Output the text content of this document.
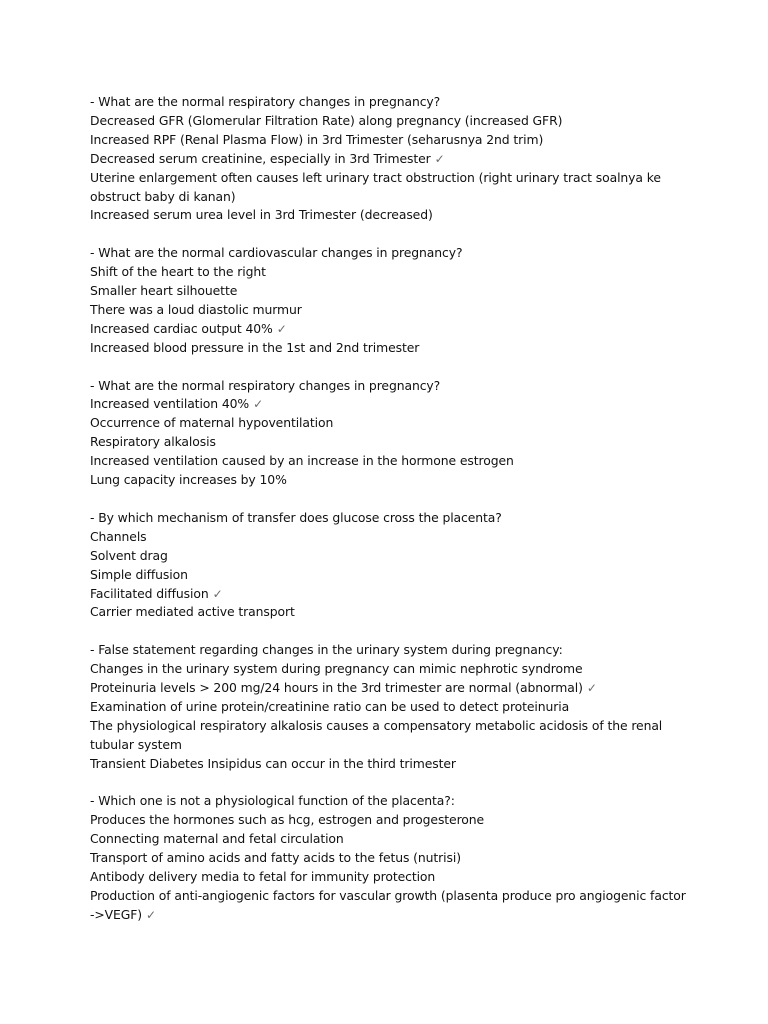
- What are the normal respiratory changes in pregnancy?
Decreased GFR (Glomerular Filtration Rate) along pregnancy (increased GFR)
Increased RPF (Renal Plasma Flow) in 3rd Trimester (seharusnya 2nd trim)
Decreased serum creatinine, especially in 3rd Trimester ✓
Uterine enlargement often causes left urinary tract obstruction (right urinary tract soalnya ke obstruct baby di kanan)
Increased serum urea level in 3rd Trimester (decreased)
- What are the normal cardiovascular changes in pregnancy?
Shift of the heart to the right
Smaller heart silhouette
There was a loud diastolic murmur
Increased cardiac output 40% ✓
Increased blood pressure in the 1st and 2nd trimester
- What are the normal respiratory changes in pregnancy?
Increased ventilation 40% ✓
Occurrence of maternal hypoventilation
Respiratory alkalosis
Increased ventilation caused by an increase in the hormone estrogen
Lung capacity increases by 10%
- By which mechanism of transfer does glucose cross the placenta?
Channels
Solvent drag
Simple diffusion
Facilitated diffusion ✓
Carrier mediated active transport
- False statement regarding changes in the urinary system during pregnancy:
Changes in the urinary system during pregnancy can mimic nephrotic syndrome
Proteinuria levels > 200 mg/24 hours in the 3rd trimester are normal (abnormal) ✓
Examination of urine protein/creatinine ratio can be used to detect proteinuria
The physiological respiratory alkalosis causes a compensatory metabolic acidosis of the renal tubular system
Transient Diabetes Insipidus can occur in the third trimester
- Which one is not a physiological function of the placenta?:
Produces the hormones such as hcg, estrogen and progesterone
Connecting maternal and fetal circulation
Transport of amino acids and fatty acids to the fetus (nutrisi)
Antibody delivery media to fetal for immunity protection
Production of anti-angiogenic factors for vascular growth (plasenta produce pro angiogenic factor ->VEGF) ✓
